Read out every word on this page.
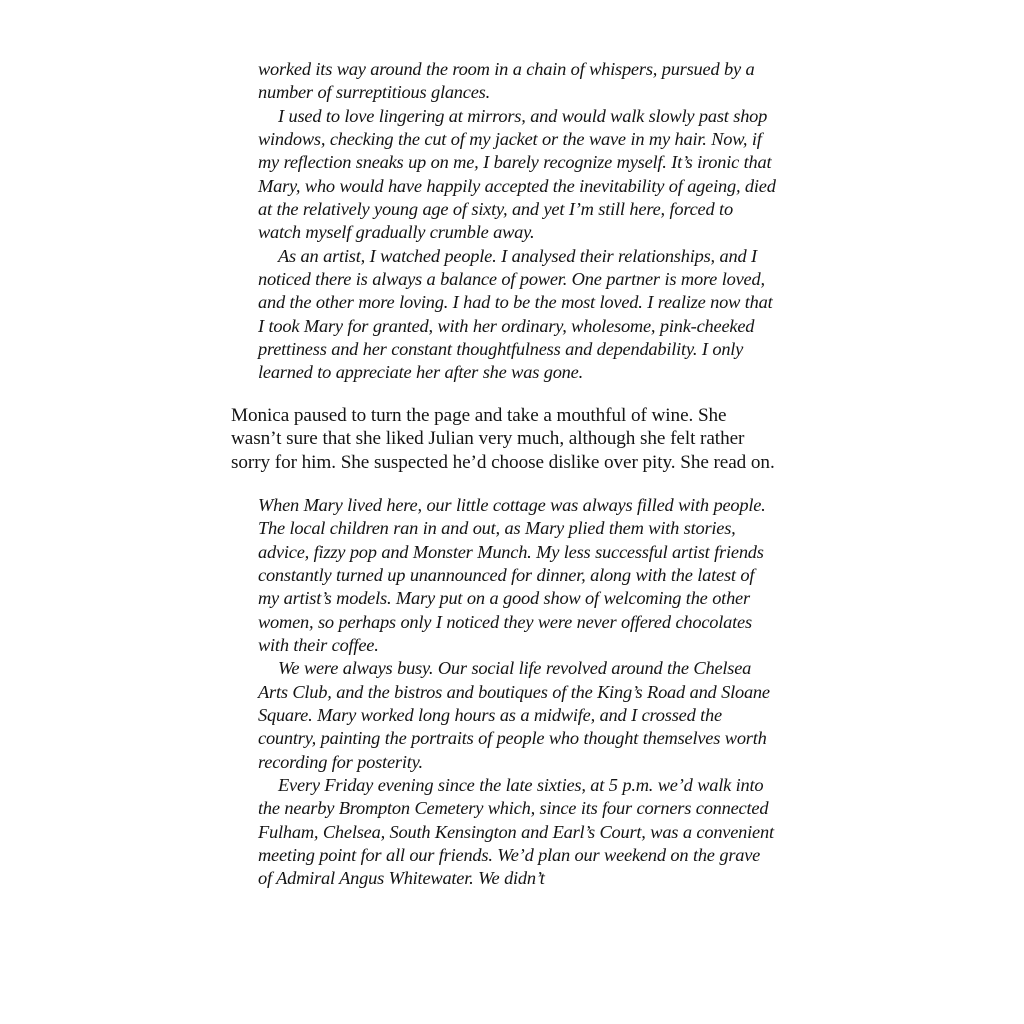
worked its way around the room in a chain of whispers, pursued by a number of surreptitious glances.

I used to love lingering at mirrors, and would walk slowly past shop windows, checking the cut of my jacket or the wave in my hair. Now, if my reflection sneaks up on me, I barely recognize myself. It’s ironic that Mary, who would have happily accepted the inevitability of ageing, died at the relatively young age of sixty, and yet I’m still here, forced to watch myself gradually crumble away.

As an artist, I watched people. I analysed their relationships, and I noticed there is always a balance of power. One partner is more loved, and the other more loving. I had to be the most loved. I realize now that I took Mary for granted, with her ordinary, wholesome, pink-cheeked prettiness and her constant thoughtfulness and dependability. I only learned to appreciate her after she was gone.

Monica paused to turn the page and take a mouthful of wine. She wasn’t sure that she liked Julian very much, although she felt rather sorry for him. She suspected he’d choose dislike over pity. She read on.

When Mary lived here, our little cottage was always filled with people. The local children ran in and out, as Mary plied them with stories, advice, fizzy pop and Monster Munch. My less successful artist friends constantly turned up unannounced for dinner, along with the latest of my artist’s models. Mary put on a good show of welcoming the other women, so perhaps only I noticed they were never offered chocolates with their coffee.

We were always busy. Our social life revolved around the Chelsea Arts Club, and the bistros and boutiques of the King’s Road and Sloane Square. Mary worked long hours as a midwife, and I crossed the country, painting the portraits of people who thought themselves worth recording for posterity.

Every Friday evening since the late sixties, at 5 p.m. we’d walk into the nearby Brompton Cemetery which, since its four corners connected Fulham, Chelsea, South Kensington and Earl’s Court, was a convenient meeting point for all our friends. We’d plan our weekend on the grave of Admiral Angus Whitewater. We didn’t
